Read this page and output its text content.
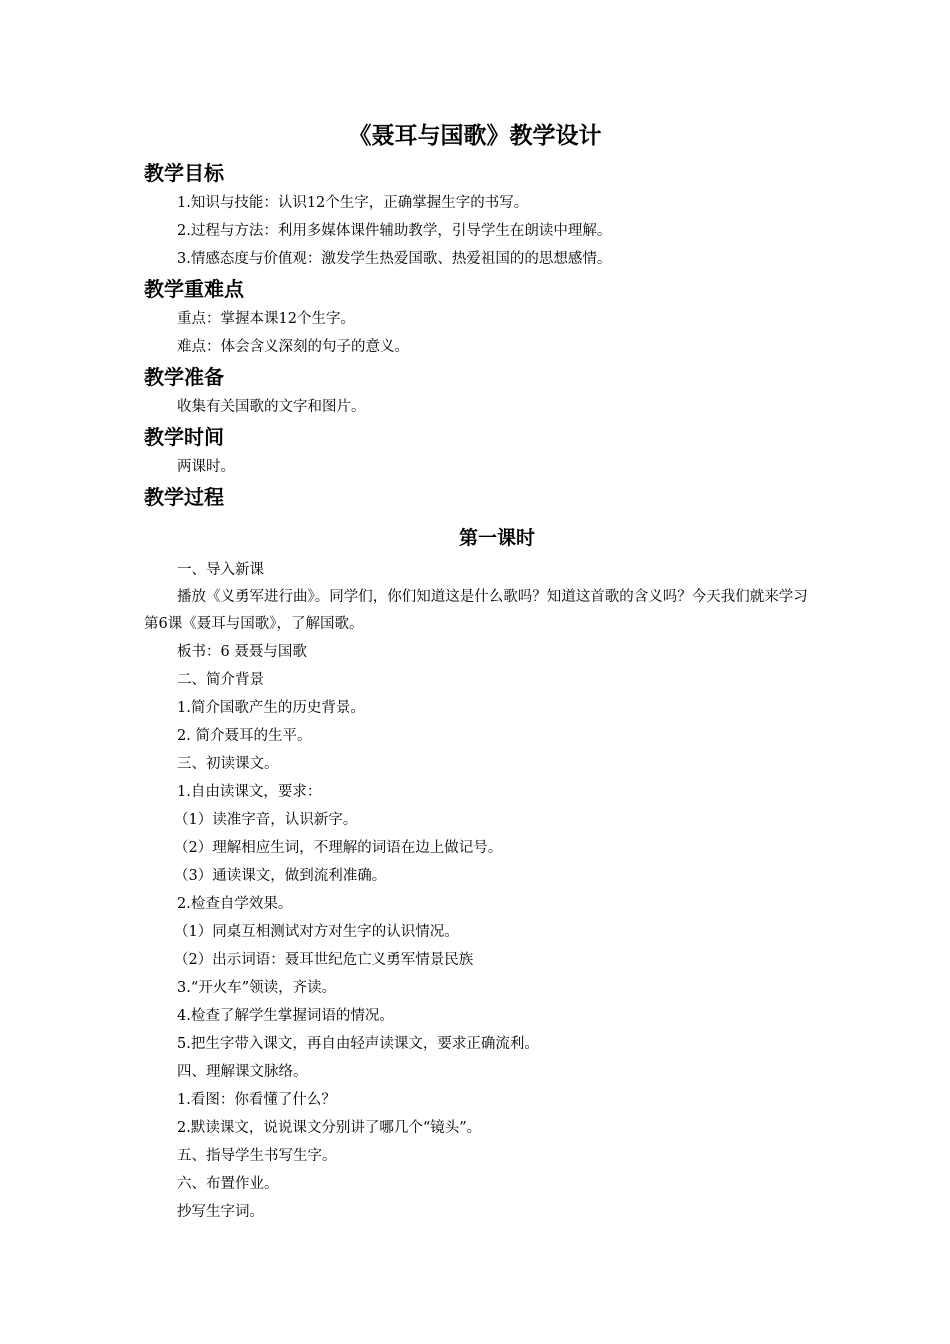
《聂耳与国歌》教学设计
教学目标

1.知识与技能：认识12个生字，正确掌握生字的书写。

2.过程与方法：利用多媒体课件辅助教学，引导学生在朗读中理解。

3.情感态度与价值观：激发学生热爱国歌、热爱祖国的的思想感情。

教学重难点

重点：掌握本课12个生字。

难点：体会含义深刻的句子的意义。

教学准备

收集有关国歌的文字和图片。

教学时间

两课时。

教学过程
第一课时

一、导入新课

播放《义勇军进行曲》。同学们，你们知道这是什么歌吗？知道这首歌的含义吗？今天我们就来学习第6课《聂耳与国歌》，了解国歌。

板书：6 聂聂与国歌

二、简介背景

1.简介国歌产生的历史背景。

2. 简介聂耳的生平。

三、初读课文。

1.自由读课文，要求：

（1）读准字音，认识新字。

（2）理解相应生词，不理解的词语在边上做记号。

（3）通读课文，做到流利准确。

2.检查自学效果。

（1）同桌互相测试对方对生字的认识情况。

（2）出示词语：聂耳世纪危亡义勇军情景民族

3.“开火车”领读，齐读。

4.检查了解学生掌握词语的情况。

5.把生字带入课文，再自由轻声读课文，要求正确流利。

四、理解课文脉络。

1.看图：你看懂了什么？

2.默读课文，说说课文分别讲了哪几个“镜头”。

五、指导学生书写生字。

六、布置作业。

抄写生字词。
